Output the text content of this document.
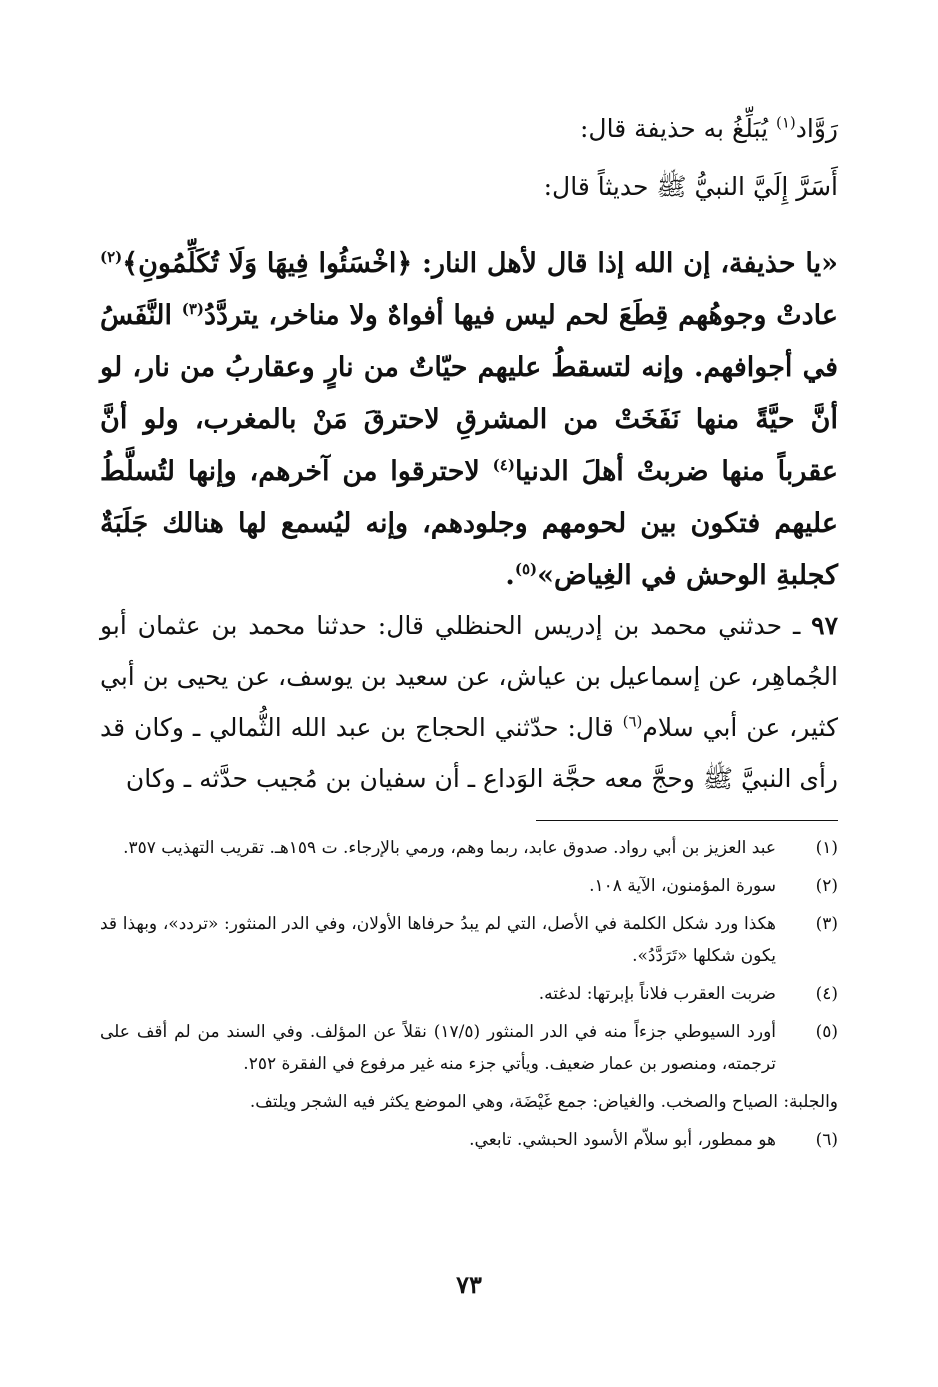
رَوَّاد$^{(١)}$ يُبَلِّغُ به حذيفة قال:
أَسَرَّ إِلَيَّ النبيُّ ﷺ حديثاً قال:
«يا حذيفة، إن الله إذا قال لأهل النار: ﴿اخْسَئُوا فِيهَا وَلَا تُكَلِّمُونِ﴾$^{(٢)}$ عادتْ وجوهُهم قِطَعَ لحم ليس فيها أفواهٌ ولا مناخر، يتردَّدُ$^{(٣)}$ النَّفَسُ في أجوافهم. وإنه لتسقطُ عليهم حيّاتٌ من نارٍ وعقاربُ من نار، لو أنَّ حيَّةً منها نَفَخَتْ من المشرقِ لاحترقَ مَنْ بالمغرب، ولو أنَّ عقرباً منها ضربتْ أهلَ الدنيا$^{(٤)}$ لاحترقوا من آخرهم، وإنها لتُسلَّطُ عليهم فتكون بين لحومهم وجلودهم، وإنه ليُسمع لها هنالك جَلَبَةٌ كجلبةِ الوحش في الغِياض»$^{(٥)}$.
٩٧ ـ حدثني محمد بن إدريس الحنظلي قال: حدثنا محمد بن عثمان أبو الجُماهِر، عن إسماعيل بن عياش، عن سعيد بن يوسف، عن يحيى بن أبي كثير، عن أبي سلام$^{(٦)}$ قال: حدّثني الحجاج بن عبد الله الثُّمالي ـ وكان قد رأى النبيَّ ﷺ وحجَّ معه حجَّة الوَداع ـ أن سفيان بن مُجيب حدَّثه ـ وكان
(١)
عبد العزيز بن أبي رواد. صدوق عابد، ربما وهم، ورمي بالإرجاء. ت ١٥٩هـ. تقريب التهذيب ٣٥٧.
(٢)
سورة المؤمنون، الآية ١٠٨.
(٣)
هكذا ورد شكل الكلمة في الأصل، التي لم يبدُ حرفاها الأولان، وفي الدر المنثور: «تردد»، وبهذا قد يكون شكلها «تَرَدَّدُ».
(٤)
ضربت العقرب فلاناً بإبرتها: لدغته.
(٥)
أورد السيوطي جزءاً منه في الدر المنثور (١٧/٥) نقلاً عن المؤلف. وفي السند من لم أقف على ترجمته، ومنصور بن عمار ضعيف. ويأتي جزء منه غير مرفوع في الفقرة ٢٥٢.
والجلبة: الصياح والصخب. والغياض: جمع غَيْضَة، وهي الموضع يكثر فيه الشجر ويلتف.
(٦)
هو ممطور، أبو سلاّم الأسود الحبشي. تابعي.
٧٣
